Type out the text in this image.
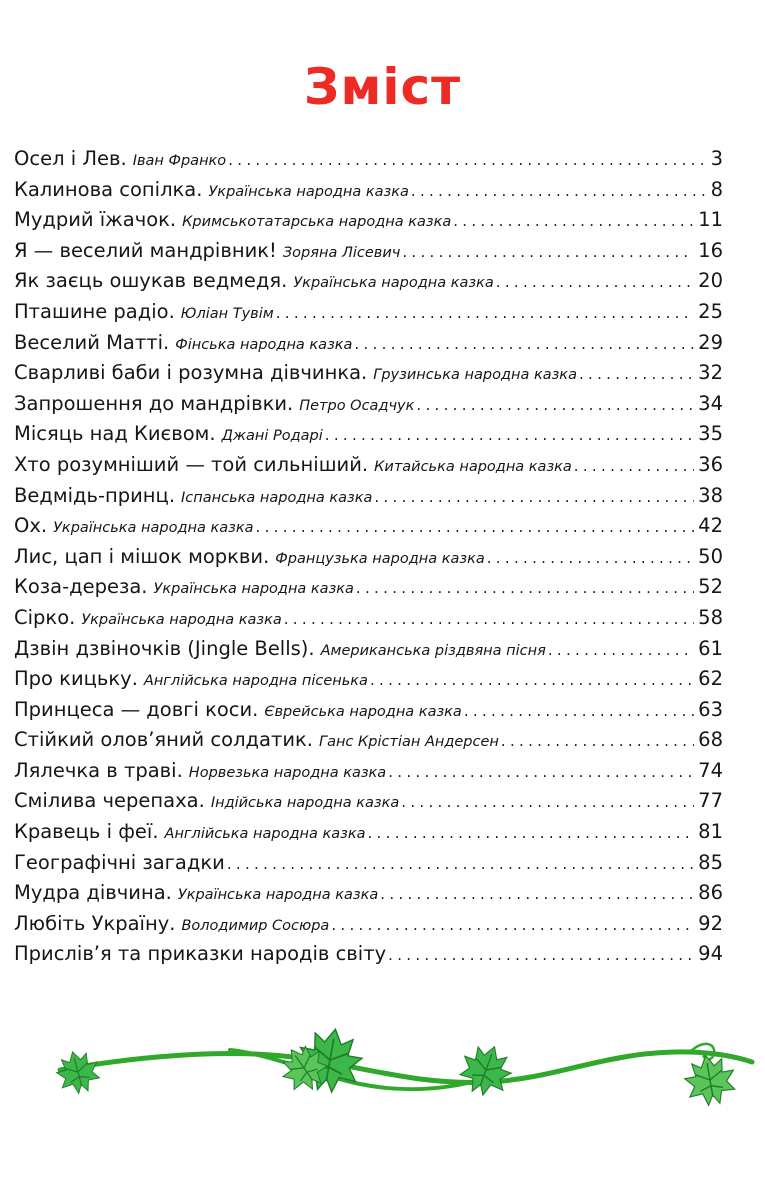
Зміст
Осел і Лев. Іван Франко .....	3
Калинова сопілка. Українська народна казка .....	8
Мудрий їжачок. Кримськотатарська народна казка .....	11
Я — веселий мандрівник! Зоряна Лісевич .....	16
Як заєць ошукав ведмедя. Українська народна казка .....	20
Пташине радіо. Юліан Тувім .....	25
Веселий Матті. Фінська народна казка .....	29
Сварливі баби і розумна дівчинка. Грузинська народна казка .....	32
Запрошення до мандрівки. Петро Осадчук .....	34
Місяць над Києвом. Джані Родарі .....	35
Хто розумніший — той сильніший. Китайська народна казка .....	36
Ведмідь-принц. Іспанська народна казка .....	38
Ох. Українська народна казка .....	42
Лис, цап і мішок моркви. Французька народна казка .....	50
Коза-дереза. Українська народна казка .....	52
Сірко. Українська народна казка .....	58
Дзвін дзвіночків (Jingle Bells). Американська різдвяна пісня .....	61
Про кицьку. Англійська народна пісенька .....	62
Принцеса — довгі коси. Єврейська народна казка .....	63
Стійкий олов’яний солдатик. Ганс Крістіан Андерсен .....	68
Лялечка в траві. Норвезька народна казка .....	74
Смілива черепаха. Індійська народна казка .....	77
Кравець і феї. Англійська народна казка .....	81
Географічні загадки .....	85
Мудра дівчина. Українська народна казка .....	86
Любіть Україну. Володимир Сосюра .....	92
Прислів’я та приказки народів світу .....	94
